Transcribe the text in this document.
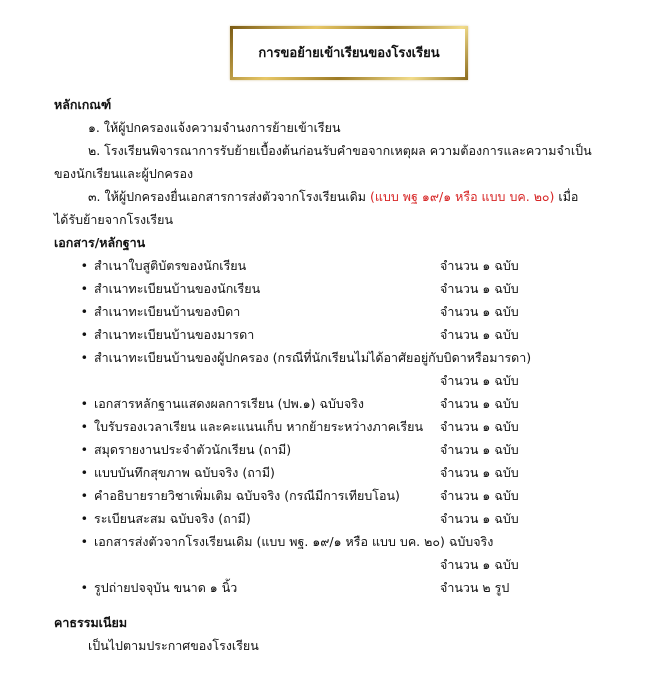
การขอย้ายเข้าเรียนของโรงเรียน
หลักเกณฑ์
๑. ให้ผู้ปกครองแจ้งความจำนงการย้ายเข้าเรียน
๒. โรงเรียนพิจารณาการรับย้ายเบื้องต้นก่อนรับคำขอจากเหตุผล ความต้องการและความจำเป็น
ของนักเรียนและผู้ปกครอง
๓. ให้ผู้ปกครองยื่นเอกสารการส่งตัวจากโรงเรียนเดิม (แบบ พฐ ๑๙/๑ หรือ แบบ บค. ๒๐) เมื่อ
ได้รับย้ายจากโรงเรียน
เอกสาร/หลักฐาน
• สำเนาใบสูติบัตรของนักเรียน	จำนวน ๑ ฉบับ
• สำเนาทะเบียนบ้านของนักเรียน	จำนวน ๑ ฉบับ
• สำเนาทะเบียนบ้านของบิดา	จำนวน ๑ ฉบับ
• สำเนาทะเบียนบ้านของมารดา	จำนวน ๑ ฉบับ
• สำเนาทะเบียนบ้านของผู้ปกครอง (กรณีที่นักเรียนไม่ได้อาศัยอยู่กับบิดาหรือมารดา)
จำนวน ๑ ฉบับ
• เอกสารหลักฐานแสดงผลการเรียน (ปพ.๑) ฉบับจริง	จำนวน ๑ ฉบับ
• ใบรับรองเวลาเรียน และคะแนนเก็บ หากย้ายระหว่างภาคเรียน	จำนวน ๑ ฉบับ
• สมุดรายงานประจำตัวนักเรียน (ถามี)	จำนวน ๑ ฉบับ
• แบบบันทึกสุขภาพ ฉบับจริง (ถามี)	จำนวน ๑ ฉบับ
• คำอธิบายรายวิชาเพิ่มเติม ฉบับจริง (กรณีมีการเทียบโอน)	จำนวน ๑ ฉบับ
• ระเบียนสะสม ฉบับจริง (ถามี)	จำนวน ๑ ฉบับ
• เอกสารส่งตัวจากโรงเรียนเดิม (แบบ พฐ. ๑๙/๑ หรือ แบบ บค. ๒๐) ฉบับจริง
จำนวน ๑ ฉบับ
• รูปถ่ายปจจุบัน ขนาด ๑ นิ้ว	จำนวน ๒ รูป
คาธรรมเนียม
เป็นไปตามประกาศของโรงเรียน
